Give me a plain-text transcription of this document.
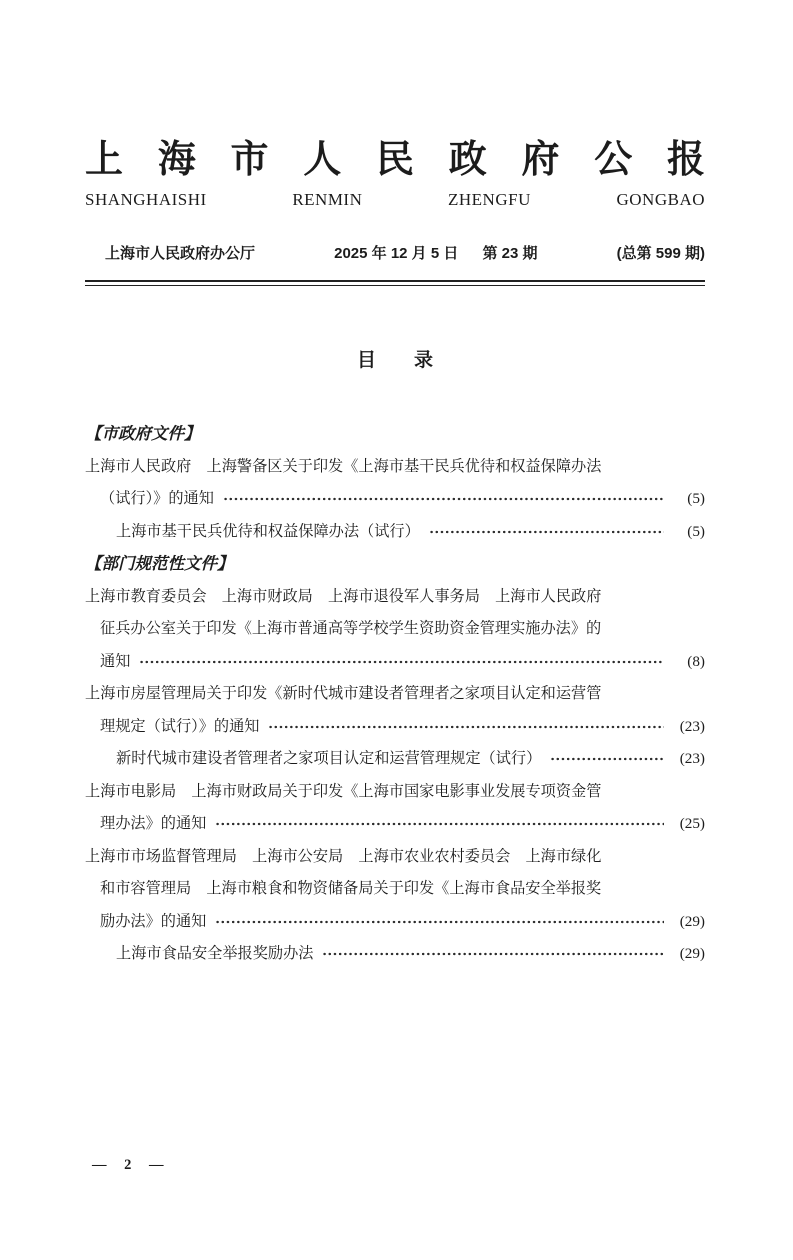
上海市人民政府公报
SHANGHAISHI RENMIN ZHENGFU GONGBAO
上海市人民政府办公厅	2025 年 12 月 5 日 第 23 期	(总第 599 期)
目　　录
【市政府文件】
上海市人民政府　上海警备区关于印发《上海市基干民兵优待和权益保障办法
（试行）》的通知	(5)
上海市基干民兵优待和权益保障办法（试行）	(5)
【部门规范性文件】
上海市教育委员会　上海市财政局　上海市退役军人事务局　上海市人民政府
征兵办公室关于印发《上海市普通高等学校学生资助资金管理实施办法》的
通知	(8)
上海市房屋管理局关于印发《新时代城市建设者管理者之家项目认定和运营管
理规定（试行）》的通知	(23)
新时代城市建设者管理者之家项目认定和运营管理规定（试行）	(23)
上海市电影局　上海市财政局关于印发《上海市国家电影事业发展专项资金管
理办法》的通知	(25)
上海市市场监督管理局　上海市公安局　上海市农业农村委员会　上海市绿化
和市容管理局　上海市粮食和物资储备局关于印发《上海市食品安全举报奖
励办法》的通知	(29)
上海市食品安全举报奖励办法	(29)
— 2 —
